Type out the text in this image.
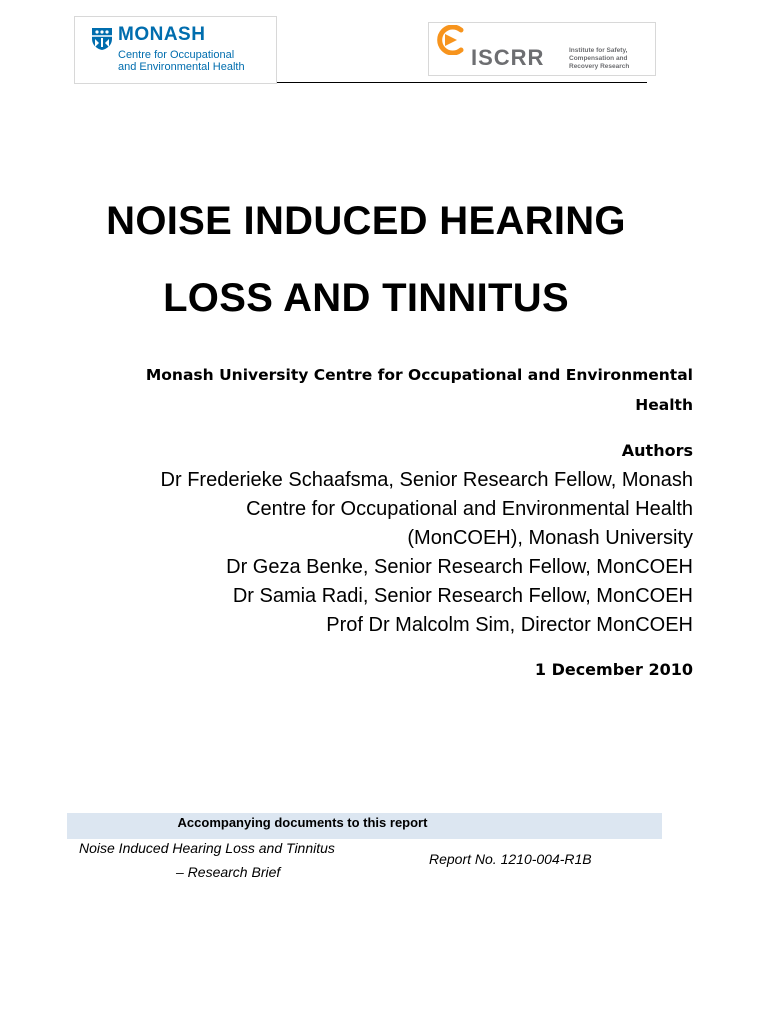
MONASH
Centre for Occupational
and Environmental Health	ISCRR	Institute for Safety,
Compensation and
Recovery Research
NOISE INDUCED HEARING
LOSS AND TINNITUS
Monash University Centre for Occupational and Environmental
Health
Authors
Dr Frederieke Schaafsma, Senior Research Fellow, Monash
Centre for Occupational and Environmental Health
(MonCOEH), Monash University
Dr Geza Benke, Senior Research Fellow, MonCOEH
Dr Samia Radi, Senior Research Fellow, MonCOEH
Prof Dr Malcolm Sim, Director MonCOEH
1 December 2010
Accompanying documents to this report
Noise Induced Hearing Loss and Tinnitus
– Research Brief
Report No. 1210-004-R1B
